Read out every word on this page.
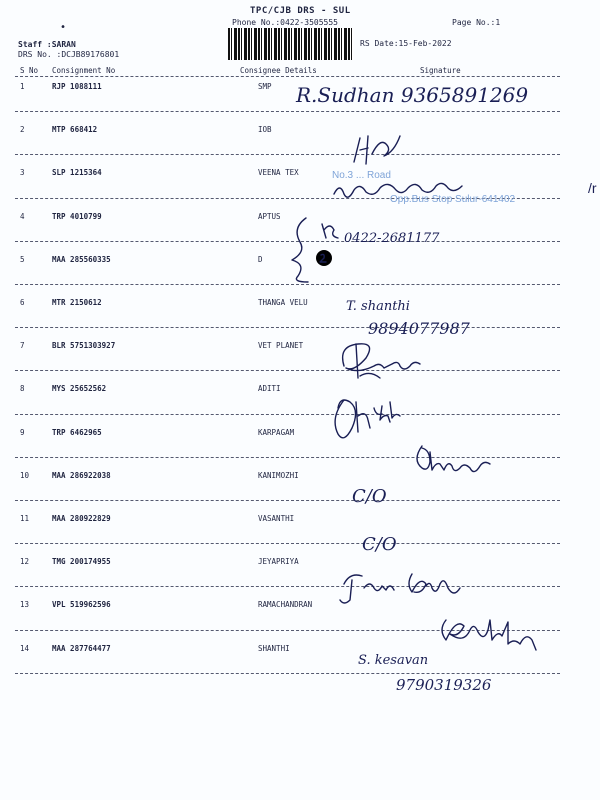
•
TPC/CJB DRS - SUL
Phone No.:0422-3505555	Page No.:1
Staff :SARAN
DRS No. :DCJB89176801
RS Date:15-Feb-2022
S No Consignment No	Consignee Details	Signature
1	RJP 1088111	SMP
2	MTP 668412	IOB
3	SLP 1215364	VEENA TEX
4	TRP 4010799	APTUS
5	MAA 285560335	D
6	MTR 2150612	THANGA VELU
7	BLR 5751303927	VET PLANET
8	MYS 25652562	ADITI
9	TRP 6462965	KARPAGAM
10	MAA 286922038	KANIMOZHI
11	MAA 280922829	VASANTHI
12	TMG 200174955	JEYAPRIYA
13	VPL 519962596	RAMACHANDRAN
14	MAA 287764477	SHANTHI
No.3 ... Road
Opp.Bus Stop Sulur-641402
/r
R.Sudhan 9365891269
0422-2681177
T. shanthi
9894077987
C/O
C/O
S. kesavan
9790319326
